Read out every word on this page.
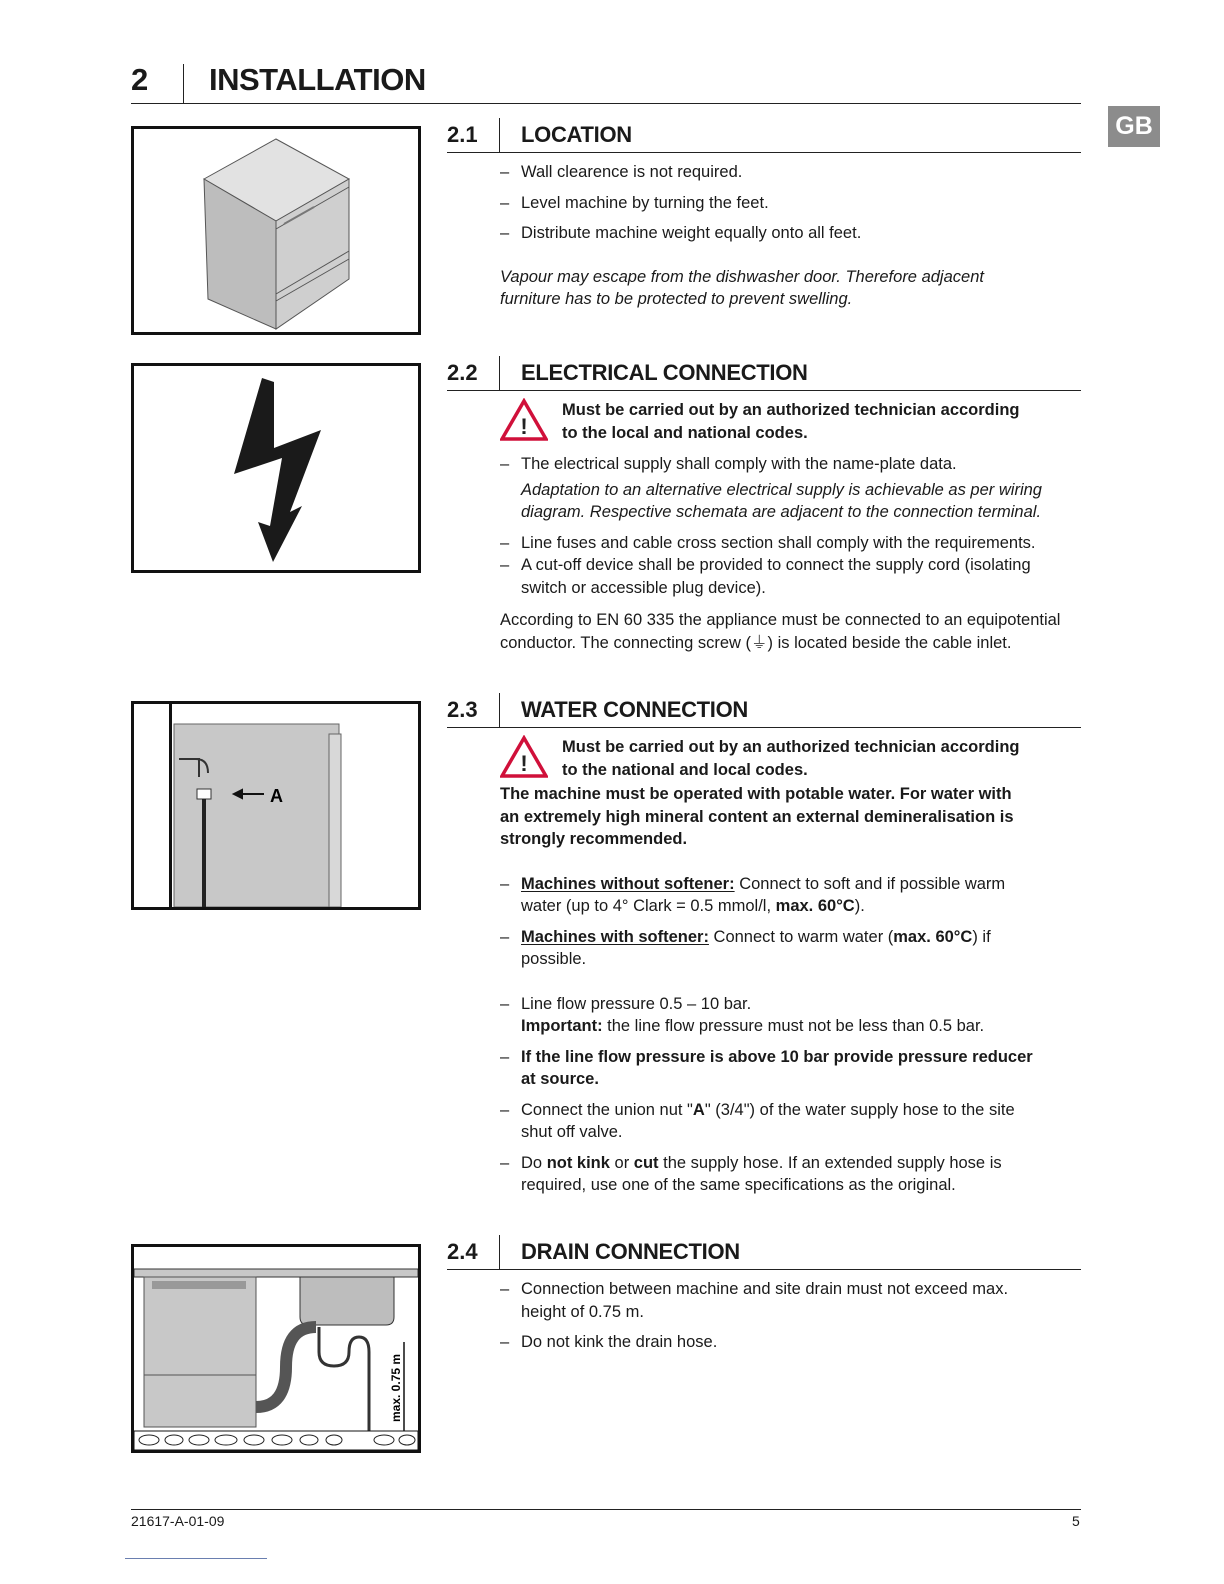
2 INSTALLATION
GB
A
max. 0.75 m
2.1 LOCATION
– Wall clearence is not required.
– Level machine by turning the feet.
– Distribute machine weight equally onto all feet.
Vapour may escape from the dishwasher door. Therefore adjacent
furniture has to be protected to prevent swelling.
2.2 ELECTRICAL CONNECTION
!
Must be carried out by an authorized technician according
to the local and national codes.
– The electrical supply shall comply with the name-plate data.
Adaptation to an alternative electrical supply is achievable as per wiring
diagram. Respective schemata are adjacent to the connection terminal.
– Line fuses and cable cross section shall comply with the requirements.
– A cut-off device shall be provided to connect the supply cord (isolating
switch or accessible plug device).
According to EN 60 335 the appliance must be connected to an equipotential
conductor. The connecting screw (⏚) is located beside the cable inlet.
2.3 WATER CONNECTION
!
Must be carried out by an authorized technician according
to the national and local codes.
The machine must be operated with potable water. For water with
an extremely high mineral content an external demineralisation is
strongly recommended.
– Machines without softener: Connect to soft and if possible warm
water (up to 4° Clark = 0.5 mmol/l, max. 60°C).
– Machines with softener: Connect to warm water (max. 60°C) if
possible.
– Line flow pressure 0.5 – 10 bar.
Important: the line flow pressure must not be less than 0.5 bar.
– If the line flow pressure is above 10 bar provide pressure reducer
at source.
– Connect the union nut "A" (3/4") of the water supply hose to the site
shut off valve.
– Do not kink or cut the supply hose. If an extended supply hose is
required, use one of the same specifications as the original.
2.4 DRAIN CONNECTION
– Connection between machine and site drain must not exceed max.
height of 0.75 m.
– Do not kink the drain hose.
21617-A-01-09	5
